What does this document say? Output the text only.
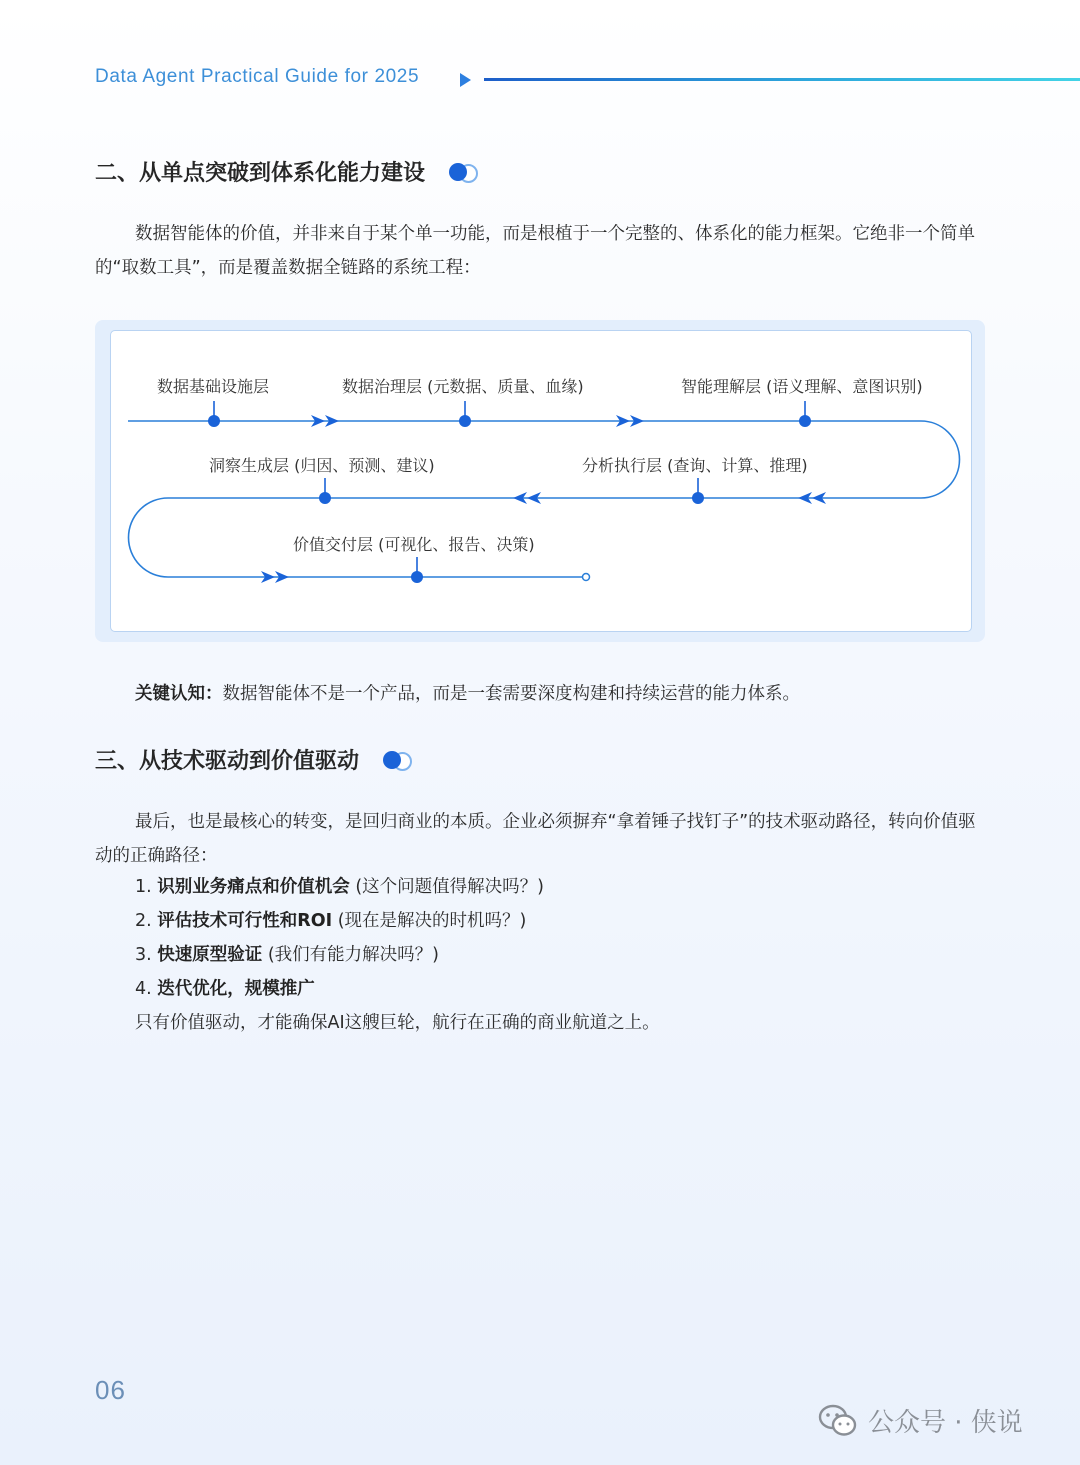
Data Agent Practical Guide for 2025
二、从单点突破到体系化能力建设
数据智能体的价值，并非来自于某个单一功能，而是根植于一个完整的、体系化的能力框架。它绝非一个简单的“取数工具”，而是覆盖数据全链路的系统工程：
数据基础设施层	数据治理层 (元数据、质量、血缘)	智能理解层 (语义理解、意图识别)
分析执行层 (查询、计算、推理)
洞察生成层 (归因、预测、建议)
价值交付层 (可视化、报告、决策)
关键认知：数据智能体不是一个产品，而是一套需要深度构建和持续运营的能力体系。
三、从技术驱动到价值驱动
最后，也是最核心的转变，是回归商业的本质。企业必须摒弃“拿着锤子找钉子”的技术驱动路径，转向价值驱动的正确路径：
1. 识别业务痛点和价值机会 (这个问题值得解决吗？)
2. 评估技术可行性和ROI (现在是解决的时机吗？)
3. 快速原型验证 (我们有能力解决吗？)
4. 迭代优化，规模推广
只有价值驱动，才能确保AI这艘巨轮，航行在正确的商业航道之上。
06
公众号 · 侠说
